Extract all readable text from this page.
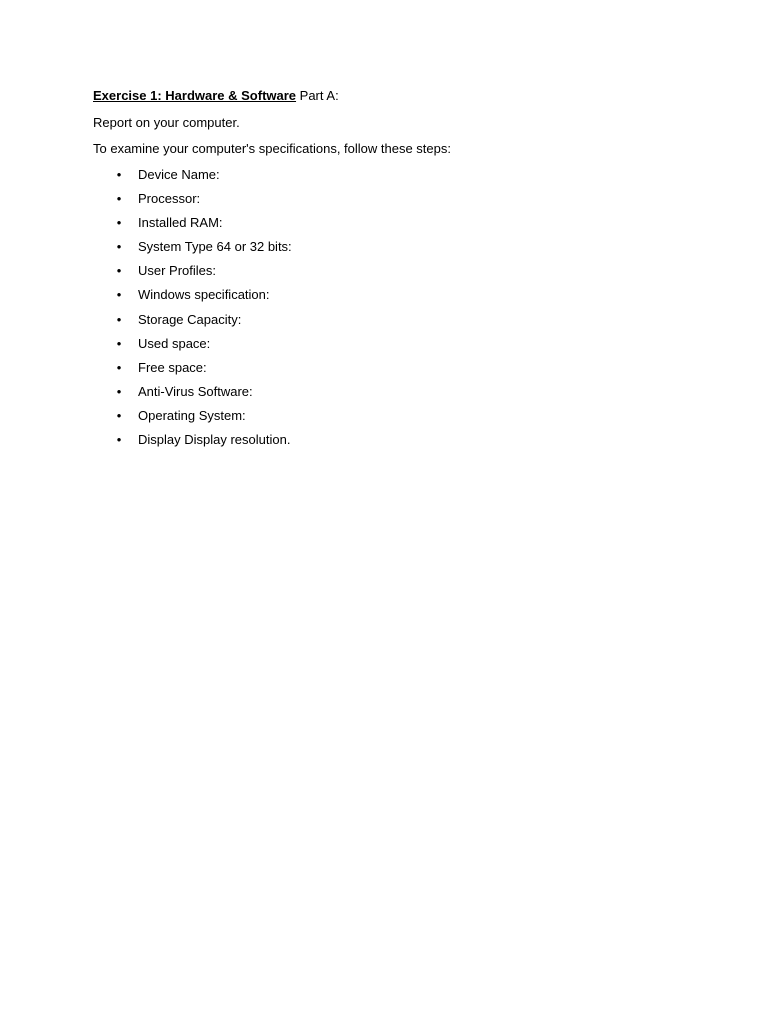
Exercise 1: Hardware & Software Part A:
Report on your computer.
To examine your computer's specifications, follow these steps:
• Device Name:
• Processor:
• Installed RAM:
• System Type 64 or 32 bits:
• User Profiles:
• Windows specification:
• Storage Capacity:
• Used space:
• Free space:
• Anti-Virus Software:
• Operating System:
• Display Display resolution.
